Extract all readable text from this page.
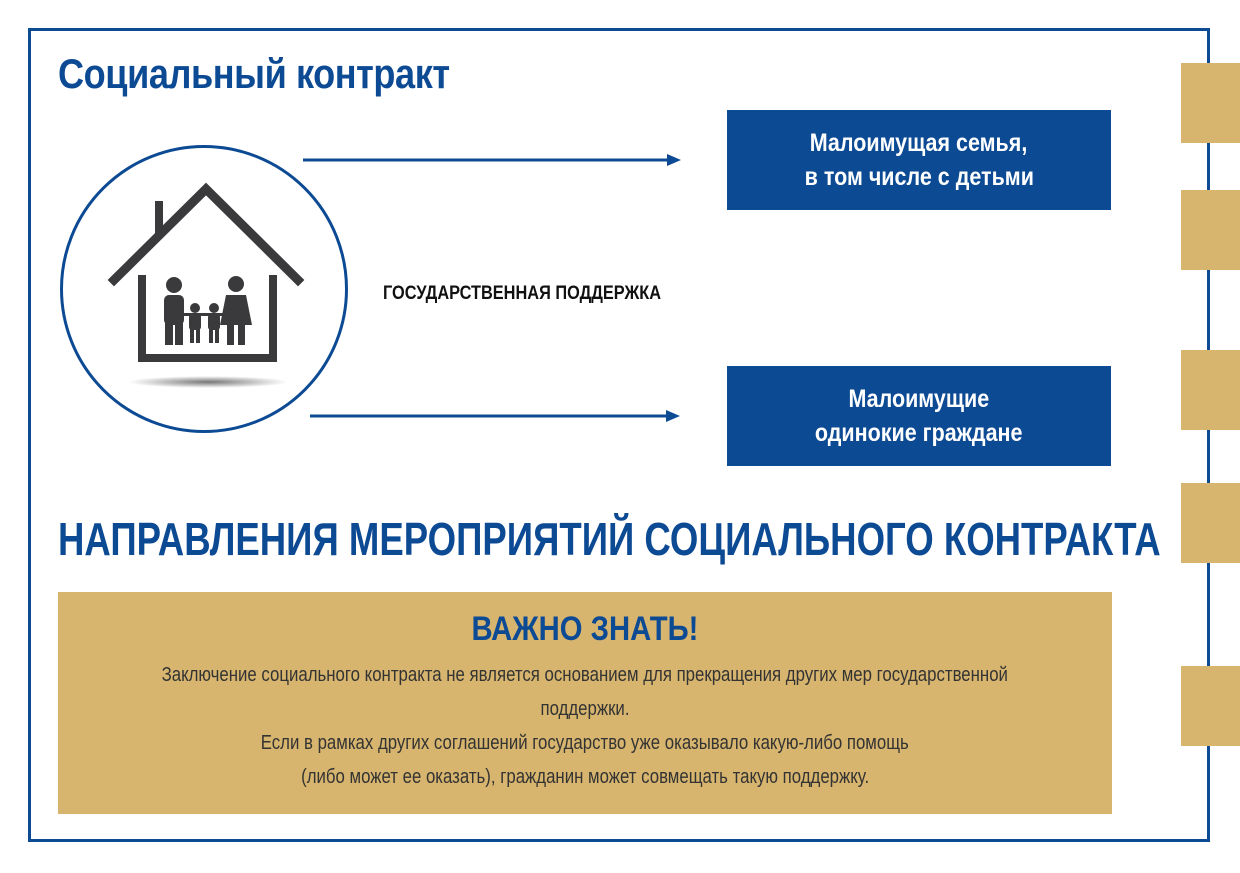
Социальный контракт
ГОСУДАРСТВЕННАЯ ПОДДЕРЖКА
Малоимущая семья,
в том числе с детьми
Малоимущие
одинокие граждане
НАПРАВЛЕНИЯ МЕРОПРИЯТИЙ СОЦИАЛЬНОГО КОНТРАКТА
ВАЖНО ЗНАТЬ!
Заключение социального контракта не является основанием для прекращения других мер государственной
поддержки.
Если в рамках других соглашений государство уже оказывало какую-либо помощь
(либо может ее оказать), гражданин может совмещать такую поддержку.
